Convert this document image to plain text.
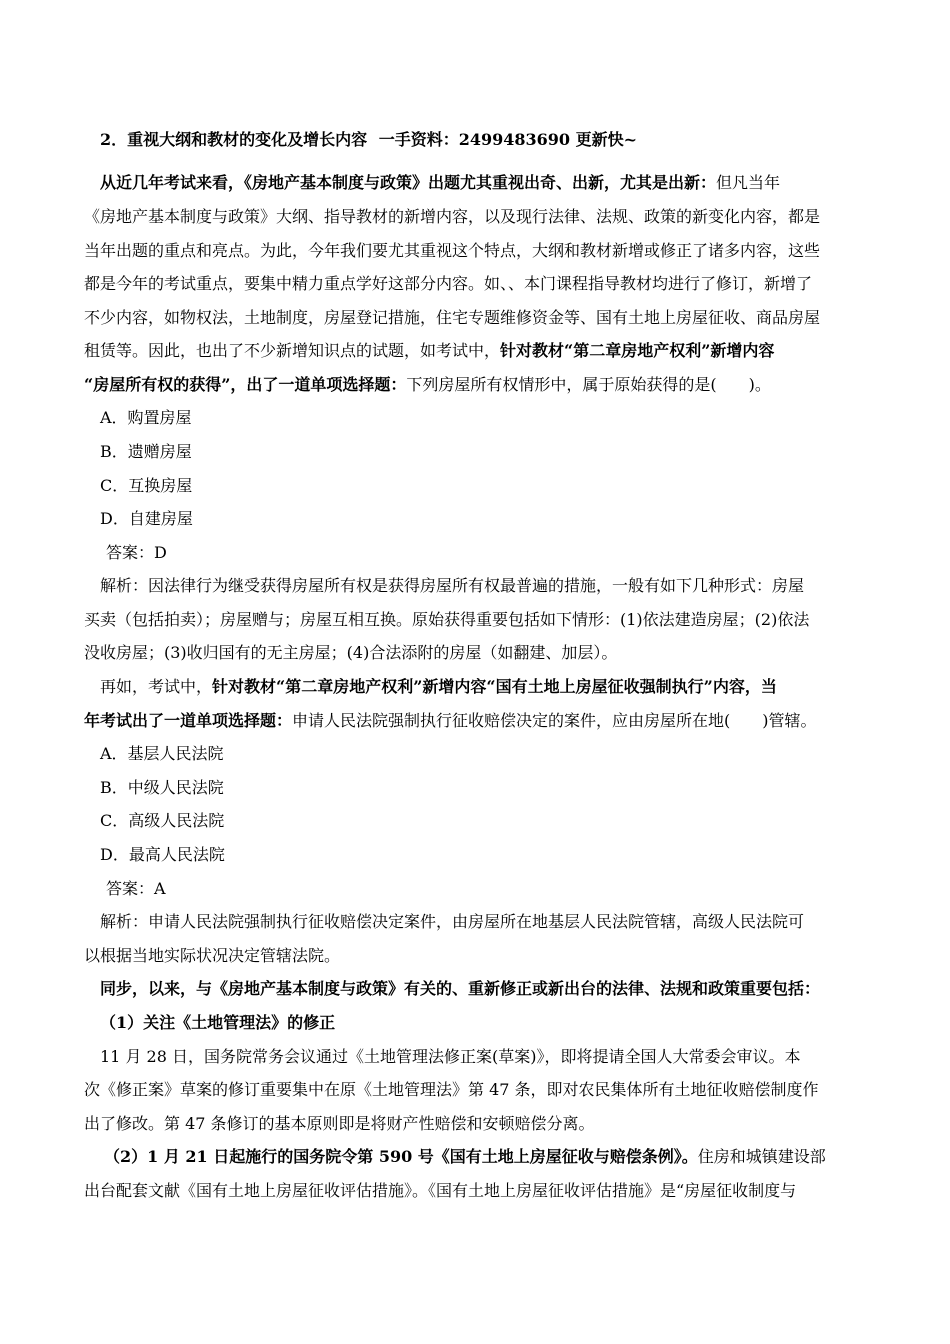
2．重视大纲和教材的变化及增长内容 一手资料：2499483690 更新快~
从近几年考试来看，《房地产基本制度与政策》出题尤其重视出奇、出新，尤其是出新：但凡当年
《房地产基本制度与政策》大纲、指导教材的新增内容，以及现行法律、法规、政策的新变化内容，都是
当年出题的重点和亮点。为此，今年我们要尤其重视这个特点，大纲和教材新增或修正了诸多内容，这些
都是今年的考试重点，要集中精力重点学好这部分内容。如、、本门课程指导教材均进行了修订，新增了
不少内容，如物权法，土地制度，房屋登记措施，住宅专题维修资金等、国有土地上房屋征收、商品房屋
租赁等。因此，也出了不少新增知识点的试题，如考试中，针对教材“第二章房地产权利”新增内容
“房屋所有权的获得”，出了一道单项选择题：下列房屋所有权情形中，属于原始获得的是(　　)。
A．购置房屋
B．遗赠房屋
C．互换房屋
D．自建房屋
答案：D
解析：因法律行为继受获得房屋所有权是获得房屋所有权最普遍的措施，一般有如下几种形式：房屋
买卖（包括拍卖）；房屋赠与；房屋互相互换。原始获得重要包括如下情形：(1)依法建造房屋；(2)依法
没收房屋；(3)收归国有的无主房屋；(4)合法添附的房屋（如翻建、加层）。
再如，考试中，针对教材“第二章房地产权利”新增内容“国有土地上房屋征收强制执行”内容，当
年考试出了一道单项选择题：申请人民法院强制执行征收赔偿决定的案件，应由房屋所在地(　　)管辖。
A．基层人民法院
B．中级人民法院
C．高级人民法院
D．最高人民法院
答案：A
解析：申请人民法院强制执行征收赔偿决定案件，由房屋所在地基层人民法院管辖，高级人民法院可
以根据当地实际状况决定管辖法院。
同步，以来，与《房地产基本制度与政策》有关的、重新修正或新出台的法律、法规和政策重要包括：
（1）关注《土地管理法》的修正
11 月 28 日，国务院常务会议通过《土地管理法修正案(草案)》，即将提请全国人大常委会审议。本
次《修正案》草案的修订重要集中在原《土地管理法》第 47 条，即对农民集体所有土地征收赔偿制度作
出了修改。第 47 条修订的基本原则即是将财产性赔偿和安顿赔偿分离。
（2）1 月 21 日起施行的国务院令第 590 号《国有土地上房屋征收与赔偿条例》。住房和城镇建设部
出台配套文献《国有土地上房屋征收评估措施》。《国有土地上房屋征收评估措施》是“房屋征收制度与
